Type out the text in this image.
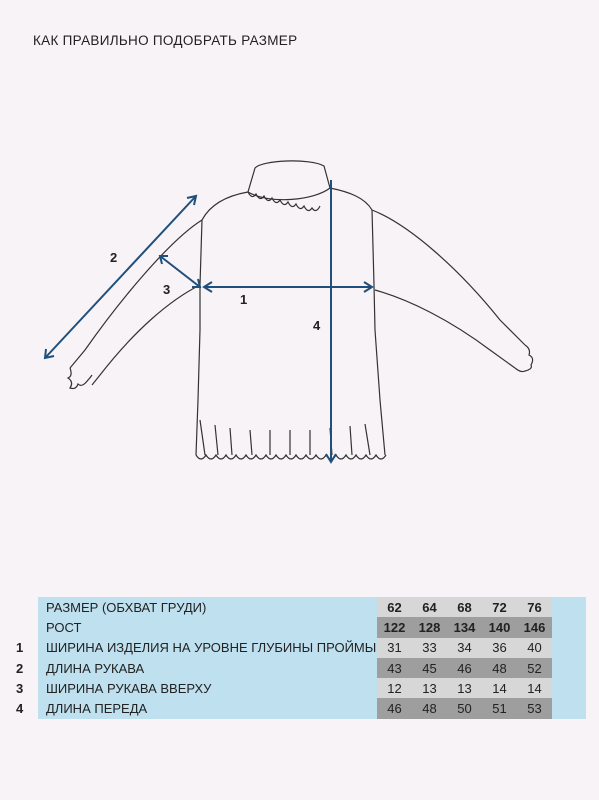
КАК ПРАВИЛЬНО ПОДОБРАТЬ РАЗМЕР
1
2
3
4
1
2
3
4
РАЗМЕР (ОБХВАТ ГРУДИ)	62	64	68	72	76	
РОСТ	122	128	134	140	146	
ШИРИНА ИЗДЕЛИЯ НА УРОВНЕ ГЛУБИНЫ ПРОЙМЫ	31	33	34	36	40	
ДЛИНА РУКАВА	43	45	46	48	52	
ШИРИНА РУКАВА ВВЕРХУ	12	13	13	14	14	
ДЛИНА ПЕРЕДА	46	48	50	51	53	
